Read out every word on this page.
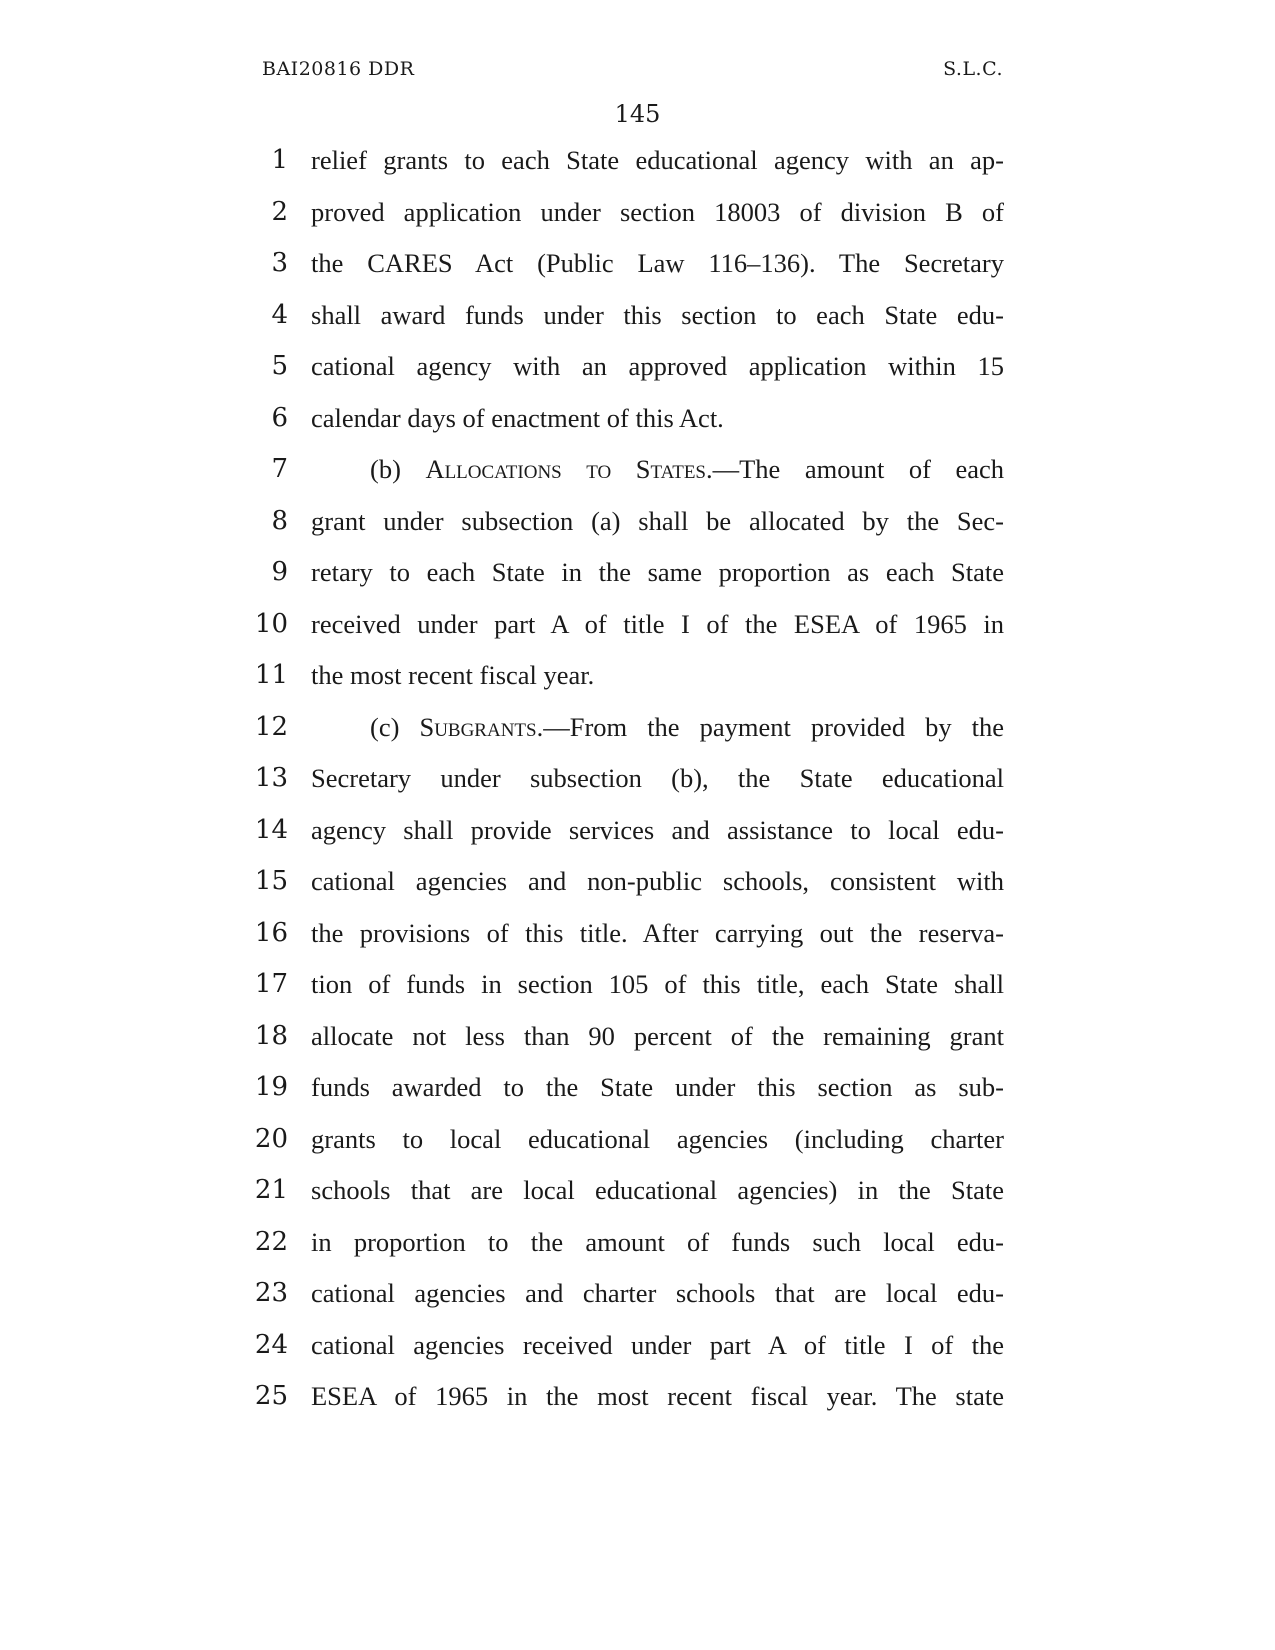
BAI20816 DDR	S.L.C.
145
1 relief grants to each State educational agency with an ap-
2 proved application under section 18003 of division B of
3 the CARES Act (Public Law 116–136). The Secretary
4 shall award funds under this section to each State edu-
5 cational agency with an approved application within 15
6 calendar days of enactment of this Act.
7	(b) Allocations to States.—The amount of each
8 grant under subsection (a) shall be allocated by the Sec-
9 retary to each State in the same proportion as each State
10 received under part A of title I of the ESEA of 1965 in
11 the most recent fiscal year.
12	(c) Subgrants.—From the payment provided by the
13 Secretary under subsection (b), the State educational
14 agency shall provide services and assistance to local edu-
15 cational agencies and non-public schools, consistent with
16 the provisions of this title. After carrying out the reserva-
17 tion of funds in section 105 of this title, each State shall
18 allocate not less than 90 percent of the remaining grant
19 funds awarded to the State under this section as sub-
20 grants to local educational agencies (including charter
21 schools that are local educational agencies) in the State
22 in proportion to the amount of funds such local edu-
23 cational agencies and charter schools that are local edu-
24 cational agencies received under part A of title I of the
25 ESEA of 1965 in the most recent fiscal year. The state
